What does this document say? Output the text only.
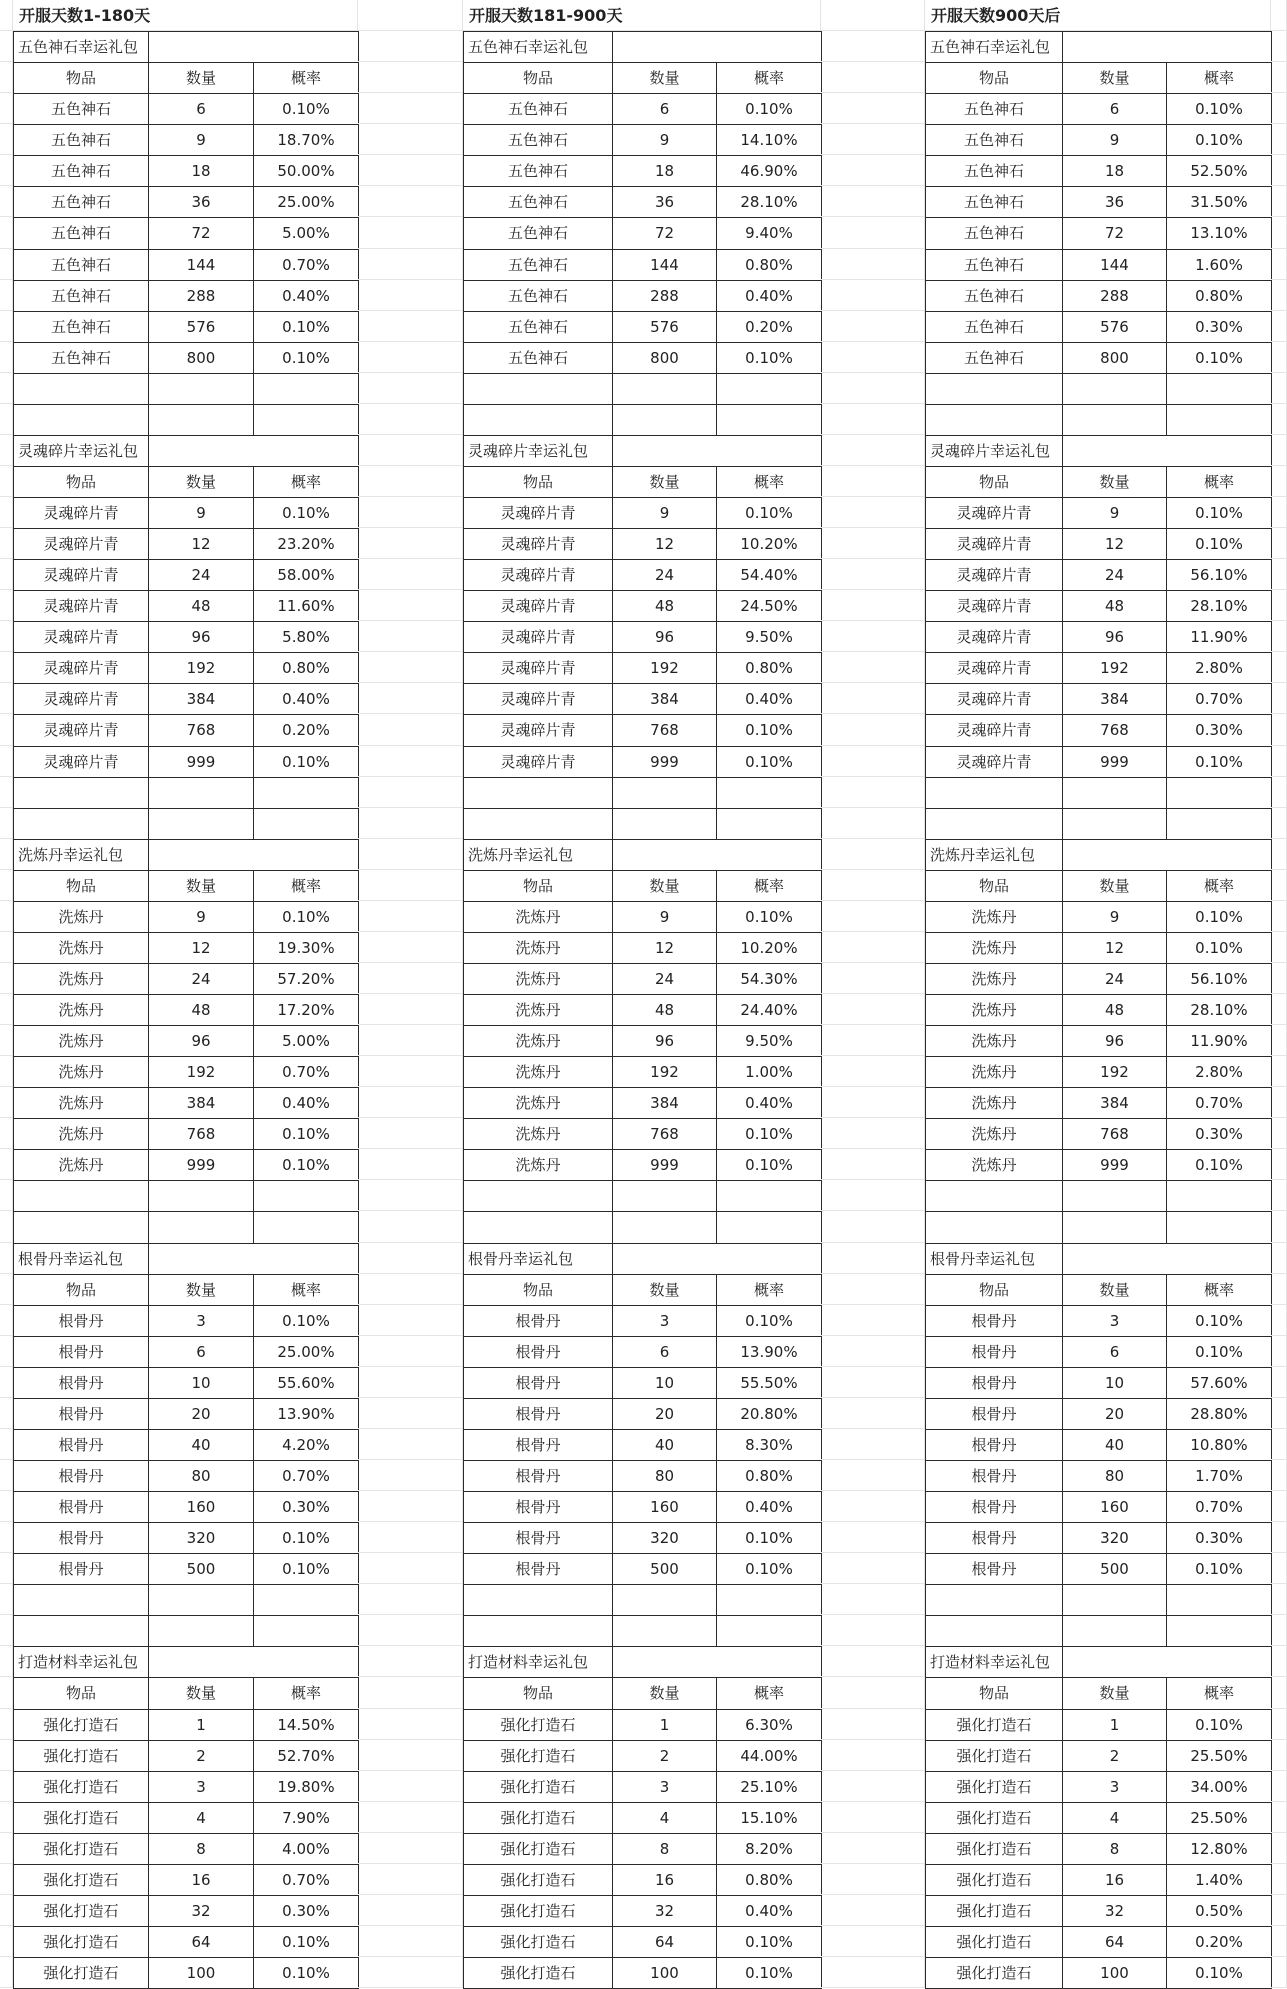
开服天数1-180天
五色神石幸运礼包
物品	数量	概率
五色神石	6	0.10%
五色神石	9	18.70%
五色神石	18	50.00%
五色神石	36	25.00%
五色神石	72	5.00%
五色神石	144	0.70%
五色神石	288	0.40%
五色神石	576	0.10%
五色神石	800	0.10%
灵魂碎片幸运礼包
物品	数量	概率
灵魂碎片青	9	0.10%
灵魂碎片青	12	23.20%
灵魂碎片青	24	58.00%
灵魂碎片青	48	11.60%
灵魂碎片青	96	5.80%
灵魂碎片青	192	0.80%
灵魂碎片青	384	0.40%
灵魂碎片青	768	0.20%
灵魂碎片青	999	0.10%
洗炼丹幸运礼包
物品	数量	概率
洗炼丹	9	0.10%
洗炼丹	12	19.30%
洗炼丹	24	57.20%
洗炼丹	48	17.20%
洗炼丹	96	5.00%
洗炼丹	192	0.70%
洗炼丹	384	0.40%
洗炼丹	768	0.10%
洗炼丹	999	0.10%
根骨丹幸运礼包
物品	数量	概率
根骨丹	3	0.10%
根骨丹	6	25.00%
根骨丹	10	55.60%
根骨丹	20	13.90%
根骨丹	40	4.20%
根骨丹	80	0.70%
根骨丹	160	0.30%
根骨丹	320	0.10%
根骨丹	500	0.10%
打造材料幸运礼包
物品	数量	概率
强化打造石	1	14.50%
强化打造石	2	52.70%
强化打造石	3	19.80%
强化打造石	4	7.90%
强化打造石	8	4.00%
强化打造石	16	0.70%
强化打造石	32	0.30%
强化打造石	64	0.10%
强化打造石	100	0.10%
开服天数181-900天
五色神石幸运礼包
物品	数量	概率
五色神石	6	0.10%
五色神石	9	14.10%
五色神石	18	46.90%
五色神石	36	28.10%
五色神石	72	9.40%
五色神石	144	0.80%
五色神石	288	0.40%
五色神石	576	0.20%
五色神石	800	0.10%
灵魂碎片幸运礼包
物品	数量	概率
灵魂碎片青	9	0.10%
灵魂碎片青	12	10.20%
灵魂碎片青	24	54.40%
灵魂碎片青	48	24.50%
灵魂碎片青	96	9.50%
灵魂碎片青	192	0.80%
灵魂碎片青	384	0.40%
灵魂碎片青	768	0.10%
灵魂碎片青	999	0.10%
洗炼丹幸运礼包
物品	数量	概率
洗炼丹	9	0.10%
洗炼丹	12	10.20%
洗炼丹	24	54.30%
洗炼丹	48	24.40%
洗炼丹	96	9.50%
洗炼丹	192	1.00%
洗炼丹	384	0.40%
洗炼丹	768	0.10%
洗炼丹	999	0.10%
根骨丹幸运礼包
物品	数量	概率
根骨丹	3	0.10%
根骨丹	6	13.90%
根骨丹	10	55.50%
根骨丹	20	20.80%
根骨丹	40	8.30%
根骨丹	80	0.80%
根骨丹	160	0.40%
根骨丹	320	0.10%
根骨丹	500	0.10%
打造材料幸运礼包
物品	数量	概率
强化打造石	1	6.30%
强化打造石	2	44.00%
强化打造石	3	25.10%
强化打造石	4	15.10%
强化打造石	8	8.20%
强化打造石	16	0.80%
强化打造石	32	0.40%
强化打造石	64	0.10%
强化打造石	100	0.10%
开服天数900天后
五色神石幸运礼包
物品	数量	概率
五色神石	6	0.10%
五色神石	9	0.10%
五色神石	18	52.50%
五色神石	36	31.50%
五色神石	72	13.10%
五色神石	144	1.60%
五色神石	288	0.80%
五色神石	576	0.30%
五色神石	800	0.10%
灵魂碎片幸运礼包
物品	数量	概率
灵魂碎片青	9	0.10%
灵魂碎片青	12	0.10%
灵魂碎片青	24	56.10%
灵魂碎片青	48	28.10%
灵魂碎片青	96	11.90%
灵魂碎片青	192	2.80%
灵魂碎片青	384	0.70%
灵魂碎片青	768	0.30%
灵魂碎片青	999	0.10%
洗炼丹幸运礼包
物品	数量	概率
洗炼丹	9	0.10%
洗炼丹	12	0.10%
洗炼丹	24	56.10%
洗炼丹	48	28.10%
洗炼丹	96	11.90%
洗炼丹	192	2.80%
洗炼丹	384	0.70%
洗炼丹	768	0.30%
洗炼丹	999	0.10%
根骨丹幸运礼包
物品	数量	概率
根骨丹	3	0.10%
根骨丹	6	0.10%
根骨丹	10	57.60%
根骨丹	20	28.80%
根骨丹	40	10.80%
根骨丹	80	1.70%
根骨丹	160	0.70%
根骨丹	320	0.30%
根骨丹	500	0.10%
打造材料幸运礼包
物品	数量	概率
强化打造石	1	0.10%
强化打造石	2	25.50%
强化打造石	3	34.00%
强化打造石	4	25.50%
强化打造石	8	12.80%
强化打造石	16	1.40%
强化打造石	32	0.50%
强化打造石	64	0.20%
强化打造石	100	0.10%
